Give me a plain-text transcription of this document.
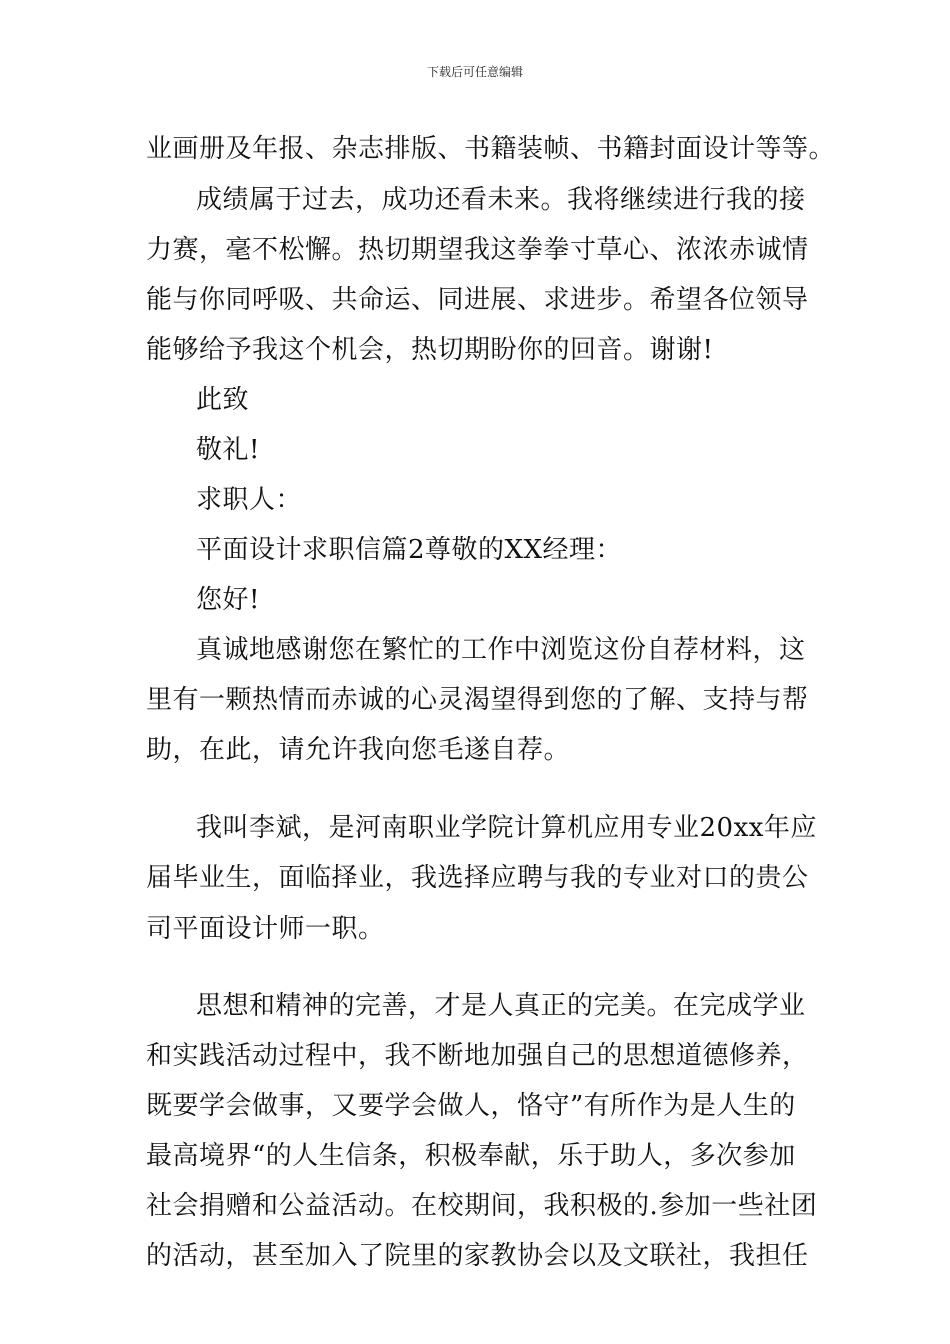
下载后可任意编辑
业画册及年报、杂志排版、书籍装帧、书籍封面设计等等。
成绩属于过去，成功还看未来。我将继续进行我的接
力赛，毫不松懈。热切期望我这拳拳寸草心、浓浓赤诚情
能与你同呼吸、共命运、同进展、求进步。希望各位领导
能够给予我这个机会，热切期盼你的回音。谢谢!
此致
敬礼!
求职人：
平面设计求职信篇2尊敬的XX经理：
您好!
真诚地感谢您在繁忙的工作中浏览这份自荐材料，这
里有一颗热情而赤诚的心灵渴望得到您的了解、支持与帮
助，在此，请允许我向您毛遂自荐。
我叫李斌，是河南职业学院计算机应用专业20xx年应
届毕业生，面临择业，我选择应聘与我的专业对口的贵公
司平面设计师一职。
思想和精神的完善，才是人真正的完美。在完成学业
和实践活动过程中，我不断地加强自己的思想道德修养，
既要学会做事，又要学会做人，恪守”有所作为是人生的
最高境界“的人生信条，积极奉献，乐于助人，多次参加
社会捐赠和公益活动。在校期间，我积极的.参加一些社团
的活动，甚至加入了院里的家教协会以及文联社，我担任
